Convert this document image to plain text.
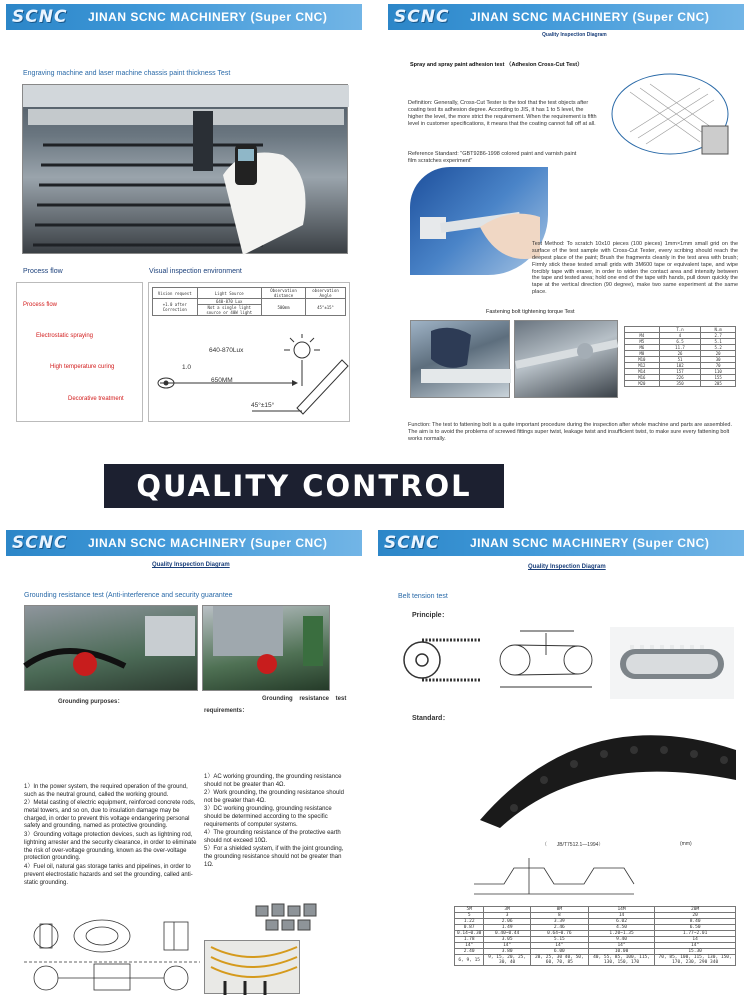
SCNC JINAN SCNC MACHINERY (Super CNC)
Engraving machine and laser machine chassis paint thickness Test
Process flow	Visual inspection environment
Process flow
Electrostatic spraying
High temperature curing
Decorative treatment
Vision request	Light Source	Observation distance	observation Angle
+1.0 after Correction	640-870 Lux	500mm	45°±15°
	Not a single light source or 40W light		
640-870Lux
650MM
45°±15°
1.0
SCNC JINAN SCNC MACHINERY (Super CNC)
Quality Inspection Diagram
Spray and spray paint adhesion test （Adhesion Cross-Cut Test）
Definition: Generally, Cross-Cut Tester is the tool that the test objects after coating test its adhesion degree. According to JIS, it has 1 to 5 level, the higher the level, the more strict the requirement. When the requirement is fifth level in customer specifications, it means that the coating cannot fall off at all.
Reference Standard: "GBT9286-1998 colored paint and varnish paint film scratches experiment"
Test Method: To scratch 10x10 pieces (100 pieces) 1mm×1mm small grid on the surface of the test sample with Cross-Cut Tester, every scribing should reach the deepest place of the paint; Brush the fragments cleanly in the test area with brush; Firmly stick these tested small grids with 3M600 tape or equivalent tape, and wipe forcibly tape with eraser, in order to widen the contact area and intensity between the tape and tested area; hold one end of the tape with hands, pull down quickly the tape at the vertical direction (90 degree), make two same experiment at the same place.
Fastening bolt tightening torque Test
	T.n	N.m
M4	4	2.7
M5	6.5	5.1
M6	11.7	5.2
M8	26	20
M10	51	30
M12	102	70
M14	157	110
M16	226	155
M20	350	205
Function: The test to fattening bolt is a quite important procedure during the inspection after whole machine and parts are assembled. The aim is to avoid the problems of screwed fittings super twist, leakage twist and insufficient twist, to make sure every fattening bolt works normally.
QUALITY CONTROL
SCNC JINAN SCNC MACHINERY (Super CNC)
Quality Inspection Diagram
Grounding resistance test (Anti-interference and security guarantee
Grounding purposes：	Grounding    resistance    test
requirements：
1）In the power system, the required operation of the ground, such as the neutral ground, called the working ground.
2）Metal casting of electric equipment, reinforced concrete rods, metal towers, and so on, due to insulation damage may be charged, in order to prevent this voltage endangering personal safety and grounding, named as protective grounding.
3）Grounding voltage protection devices, such as lightning rod, lightning arrester and the security clearance, in order to eliminate the risk of over-voltage grounding, known as the over-voltage protection grounding.
4）Fuel oil, natural gas storage tanks and pipelines, in order to prevent electrostatic hazards and set the grounding, called anti-static grounding.
1）AC working grounding, the grounding resistance should not be greater than 4Ω.
2）Work grounding, the grounding resistance should not be greater than 4Ω.
3）DC working grounding, grounding resistance should be determined according to the specific requirements of computer systems.
4）The grounding resistance of the protective earth should not exceed 10Ω.
5）For a shielded system, if with the joint grounding, the grounding resistance should not be greater than 1Ω.
SCNC	JINAN SCNC MACHINERY (Super CNC)
Quality Inspection Diagram
Belt tension test
Principle：
Standard：
（       JB/T7512.1—1994）	(mm)
5M	3M	8M	14M	20M
5	3	8	14	20
1.22	2.06	3.39	6.02	8.40
0.87	1.49	2.46	4.50	6.50
0.14~0.30	0.40~0.44	0.64~0.76	1.20~1.35	1.77~2.01
1.78	3.05	5.15	9.40	14
14°	14°	14°	14°	14°
2.40	3.80	6.00	10.00	15.30
6, 9, 15	9, 15, 20, 25, 30, 40	20, 25, 30 40, 50, 60, 70, 85	40, 55, 85, 100, 115, 130, 150, 170	70, 85, 100, 115, 130, 150, 170, 230, 290 340
